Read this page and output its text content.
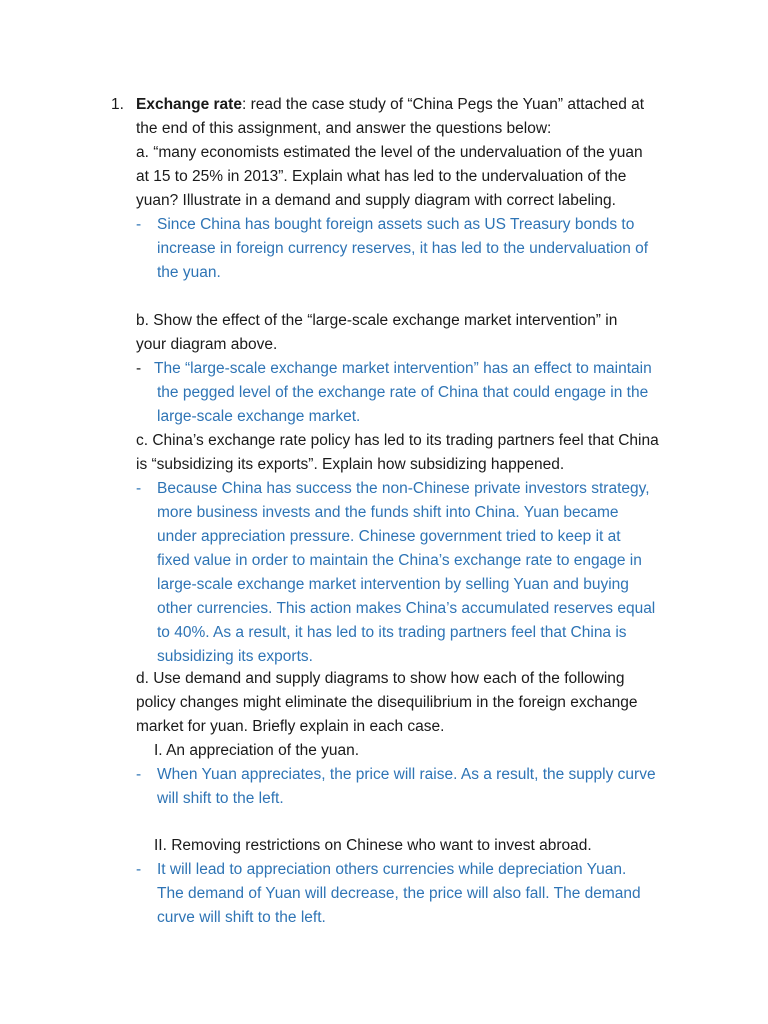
1. Exchange rate: read the case study of “China Pegs the Yuan” attached at
the end of this assignment, and answer the questions below:
a. “many economists estimated the level of the undervaluation of the yuan
at 15 to 25% in 2013”. Explain what has led to the undervaluation of the
yuan? Illustrate in a demand and supply diagram with correct labeling.
- Since China has bought foreign assets such as US Treasury bonds to
increase in foreign currency reserves, it has led to the undervaluation of
the yuan.
b. Show the effect of the “large-scale exchange market intervention” in
your diagram above.
- The “large-scale exchange market intervention” has an effect to maintain
the pegged level of the exchange rate of China that could engage in the
large-scale exchange market.
c. China’s exchange rate policy has led to its trading partners feel that China
is “subsidizing its exports”. Explain how subsidizing happened.
- Because China has success the non-Chinese private investors strategy,
more business invests and the funds shift into China. Yuan became
under appreciation pressure. Chinese government tried to keep it at
fixed value in order to maintain the China’s exchange rate to engage in
large-scale exchange market intervention by selling Yuan and buying
other currencies. This action makes China’s accumulated reserves equal
to 40%. As a result, it has led to its trading partners feel that China is
subsidizing its exports.
d. Use demand and supply diagrams to show how each of the following
policy changes might eliminate the disequilibrium in the foreign exchange
market for yuan. Briefly explain in each case.
I. An appreciation of the yuan.
- When Yuan appreciates, the price will raise. As a result, the supply curve
will shift to the left.
II. Removing restrictions on Chinese who want to invest abroad.
- It will lead to appreciation others currencies while depreciation Yuan.
The demand of Yuan will decrease, the price will also fall. The demand
curve will shift to the left.
